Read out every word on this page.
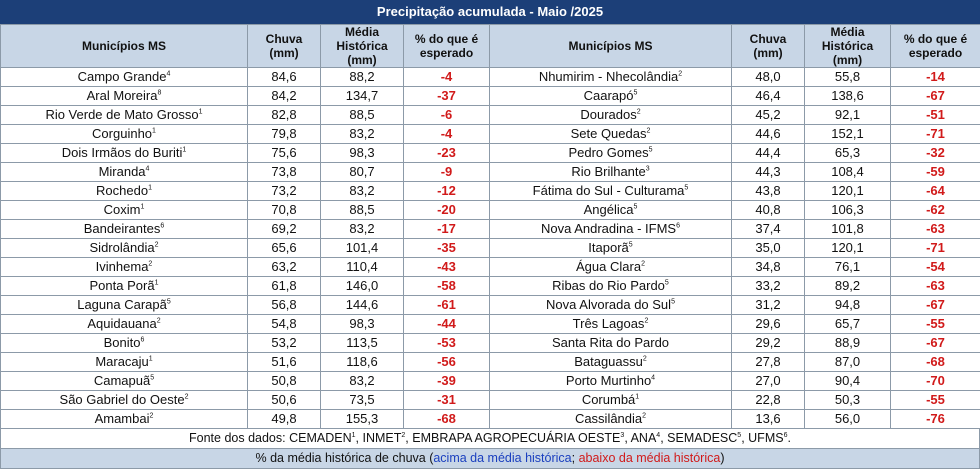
Precipitação acumulada - Maio /2025
Municípios MS	Chuva (mm)	Média Histórica (mm)	% do que é esperado	Municípios MS	Chuva (mm)	Média Histórica (mm)	% do que é esperado
Campo Grande$^4$	84,6	88,2	-4	Nhumirim - Nhecolândia$^2$	48,0	55,8	-14
Aral Moreira$^8$	84,2	134,7	-37	Caarapó$^5$	46,4	138,6	-67
Rio Verde de Mato Grosso$^1$	82,8	88,5	-6	Dourados$^2$	45,2	92,1	-51
Corguinho$^1$	79,8	83,2	-4	Sete Quedas$^2$	44,6	152,1	-71
Dois Irmãos do Buriti$^1$	75,6	98,3	-23	Pedro Gomes$^5$	44,4	65,3	-32
Miranda$^4$	73,8	80,7	-9	Rio Brilhante$^3$	44,3	108,4	-59
Rochedo$^1$	73,2	83,2	-12	Fátima do Sul - Culturama$^5$	43,8	120,1	-64
Coxim$^1$	70,8	88,5	-20	Angélica$^5$	40,8	106,3	-62
Bandeirantes$^6$	69,2	83,2	-17	Nova Andradina - IFMS$^6$	37,4	101,8	-63
Sidrolândia$^2$	65,6	101,4	-35	Itaporã$^5$	35,0	120,1	-71
Ivinhema$^2$	63,2	110,4	-43	Água Clara$^2$	34,8	76,1	-54
Ponta Porã$^1$	61,8	146,0	-58	Ribas do Rio Pardo$^5$	33,2	89,2	-63
Laguna Carapã$^5$	56,8	144,6	-61	Nova Alvorada do Sul$^5$	31,2	94,8	-67
Aquidauana$^2$	54,8	98,3	-44	Três Lagoas$^2$	29,6	65,7	-55
Bonito$^6$	53,2	113,5	-53	Santa Rita do Pardo	29,2	88,9	-67
Maracaju$^1$	51,6	118,6	-56	Bataguassu$^2$	27,8	87,0	-68
Camapuã$^5$	50,8	83,2	-39	Porto Murtinho$^4$	27,0	90,4	-70
São Gabriel do Oeste$^2$	50,6	73,5	-31	Corumbá$^1$	22,8	50,3	-55
Amambai$^2$	49,8	155,3	-68	Cassilândia$^2$	13,6	56,0	-76
Fonte dos dados: CEMADEN$^1$, INMET$^2$, EMBRAPA AGROPECUÁRIA OESTE$^3$, ANA$^4$, SEMADESC$^5$, UFMS$^6$.
% da média histórica de chuva (acima da média histórica; abaixo da média histórica)
